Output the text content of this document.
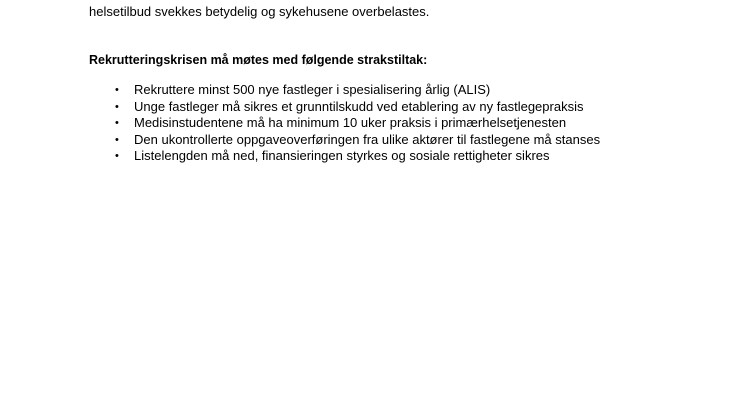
helsetilbud svekkes betydelig og sykehusene overbelastes.
Rekrutteringskrisen må møtes med følgende strakstiltak:
• Rekruttere minst 500 nye fastleger i spesialisering årlig (ALIS)
• Unge fastleger må sikres et grunntilskudd ved etablering av ny fastlegepraksis
• Medisinstudentene må ha minimum 10 uker praksis i primærhelsetjenesten
• Den ukontrollerte oppgaveoverføringen fra ulike aktører til fastlegene må stanses
• Listelengden må ned, finansieringen styrkes og sosiale rettigheter sikres
